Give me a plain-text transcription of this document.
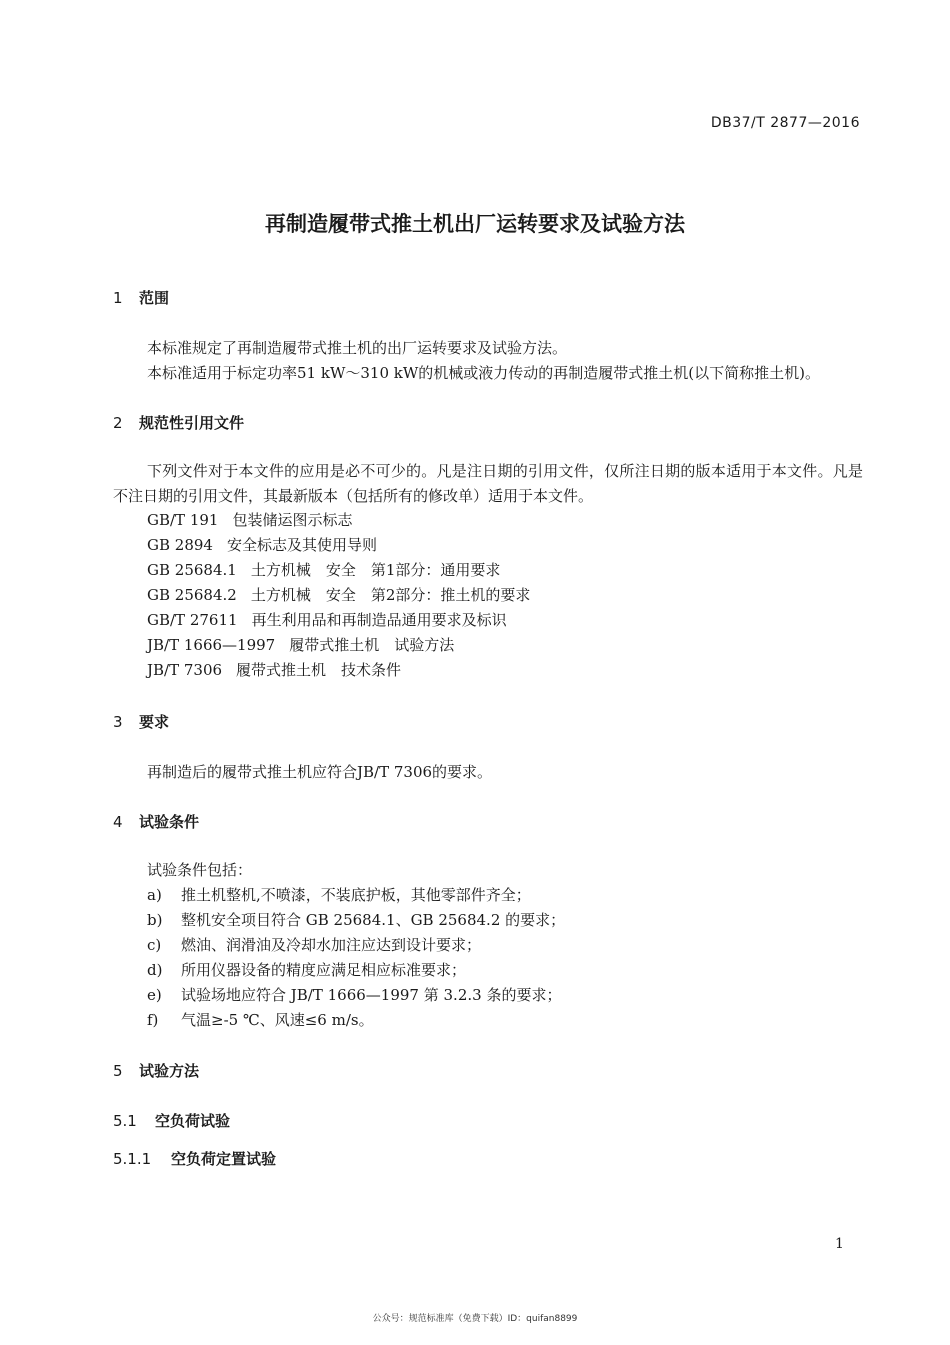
DB37/T 2877—2016
再制造履带式推土机出厂运转要求及试验方法
1 范围
本标准规定了再制造履带式推土机的出厂运转要求及试验方法。
本标准适用于标定功率51 kW～310 kW的机械或液力传动的再制造履带式推土机(以下简称推土机)。
2 规范性引用文件
下列文件对于本文件的应用是必不可少的。凡是注日期的引用文件，仅所注日期的版本适用于本文件。凡是不注日期的引用文件，其最新版本（包括所有的修改单）适用于本文件。
GB/T 191 包装储运图示标志
GB 2894 安全标志及其使用导则
GB 25684.1 土方机械　安全　第1部分：通用要求
GB 25684.2 土方机械　安全　第2部分：推土机的要求
GB/T 27611 再生利用品和再制造品通用要求及标识
JB/T 1666—1997 履带式推土机　试验方法
JB/T 7306 履带式推土机　技术条件
3 要求
再制造后的履带式推土机应符合JB/T 7306的要求。
4 试验条件
试验条件包括：
a) 推土机整机,不喷漆，不装底护板，其他零部件齐全；
b) 整机安全项目符合 GB 25684.1、GB 25684.2 的要求；
c) 燃油、润滑油及冷却水加注应达到设计要求；
d) 所用仪器设备的精度应满足相应标准要求；
e) 试验场地应符合 JB/T 1666—1997 第 3.2.3 条的要求；
f) 气温≥-5 ℃、风速≤6 m/s。
5 试验方法
5.1 空负荷试验
5.1.1 空负荷定置试验
1
公众号：规范标准库（免费下载）ID：quifan8899
